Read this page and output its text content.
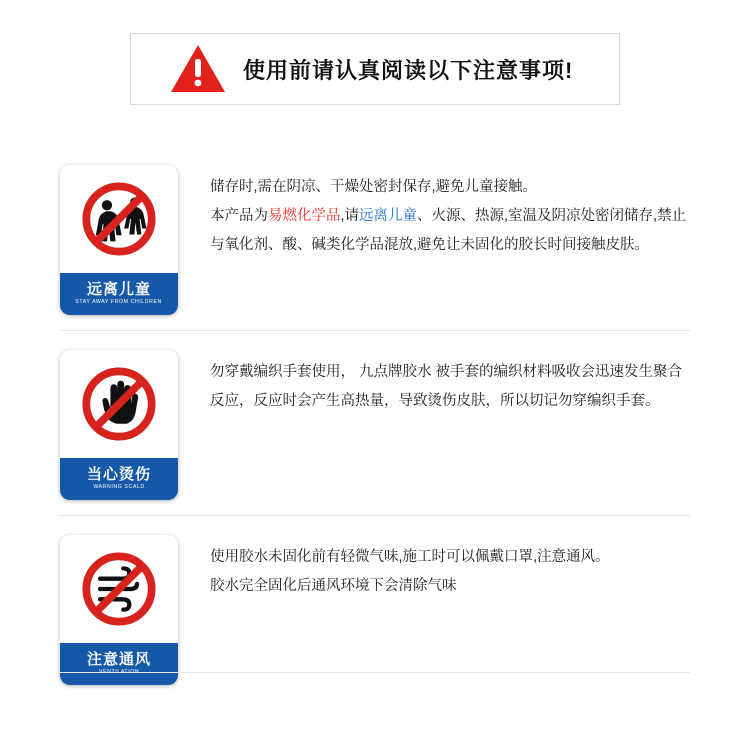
使用前请认真阅读以下注意事项!
远离儿童
STAY AWAY FROM CHILDREN

储存时,需在阴凉、干燥处密封保存,避免儿童接触。

本产品为易燃化学品,请远离儿童、火源、热源,室温及阴凉处密闭储存,禁止与氧化剂、酸、碱类化学品混放,避免让未固化的胶长时间接触皮肤。

当心烫伤
WARNING SCALD

勿穿戴编织手套使用， 九点牌胶水 被手套的编织材料吸收会迅速发生聚合反应，反应时会产生高热量，导致烫伤皮肤，所以切记勿穿编织手套。

注意通风

使用胶水未固化前有轻微气味,施工时可以佩戴口罩,注意通风。

胶水完全固化后通风环境下会清除气味
